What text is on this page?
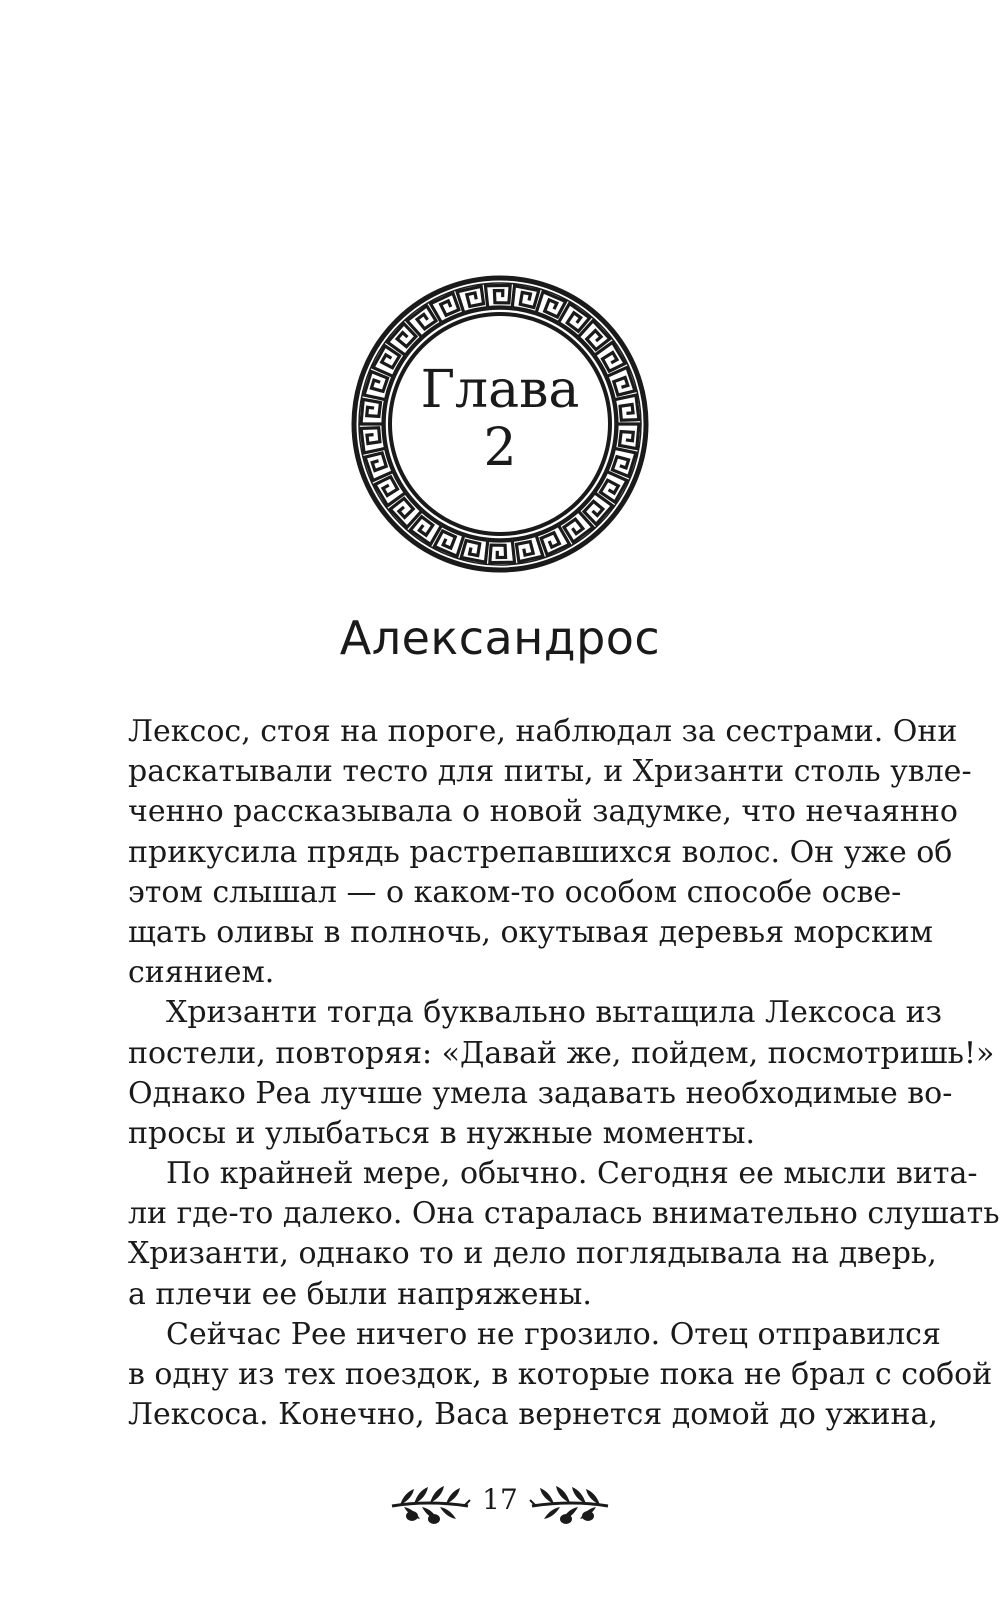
Глава
2
Александрос
Лексос, стоя на пороге, наблюдал за сестрами. Они
раскатывали тесто для питы, и Хризанти столь увле-
ченно рассказывала о новой задумке, что нечаянно
прикусила прядь растрепавшихся волос. Он уже об
этом слышал — о каком-то особом способе осве-
щать оливы в полночь, окутывая деревья морским
сиянием.
Хризанти тогда буквально вытащила Лексоса из
постели, повторяя: «Давай же, пойдем, посмотришь!»
Однако Реа лучше умела задавать необходимые во-
просы и улыбаться в нужные моменты.
По крайней мере, обычно. Сегодня ее мысли вита-
ли где-то далеко. Она старалась внимательно слушать
Хризанти, однако то и дело поглядывала на дверь,
а плечи ее были напряжены.
Сейчас Рее ничего не грозило. Отец отправился
в одну из тех поездок, в которые пока не брал с собой
Лексоса. Конечно, Васа вернется домой до ужина,
17
